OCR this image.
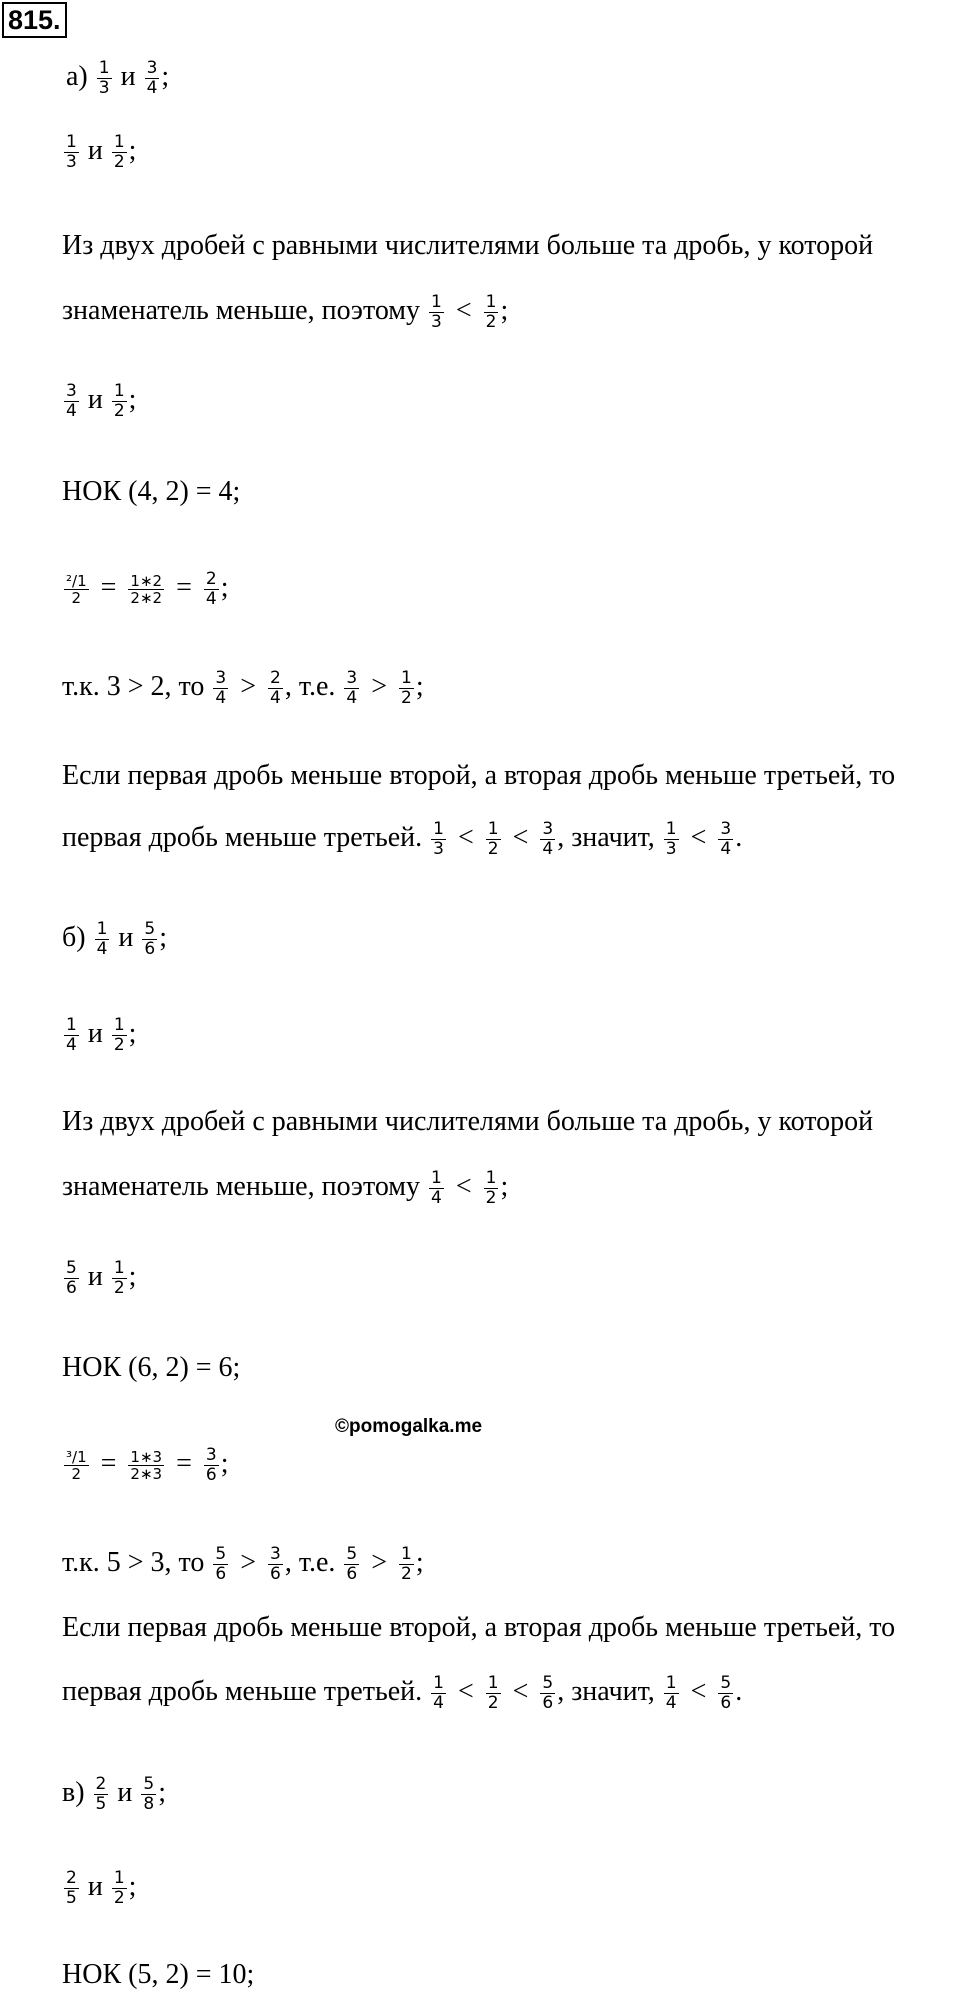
815.
©pomogalka.me
$а) \frac{1}{3}$ и $\frac{3}{4}$ ;
$\frac{1}{3}$ и $\frac{1}{2}$ ;
Из двух дробей с равными числителями больше та дробь, у которой
знаменатель меньше, поэтому $\frac{1}{3} < \frac{1}{2}$ ;
$\frac{3}{4}$ и $\frac{1}{2}$ ;
НОК (4, 2) = 4;
$\frac{\text{²/1}}{2} = \frac{1∗2}{2∗2} = \frac{2}{4}$ ;
т.к. 3 > 2, то $\frac{3}{4} > \frac{2}{4}$ , т.е. $\frac{3}{4} > \frac{1}{2}$ ;
Если первая дробь меньше второй, а вторая дробь меньше третьей, то
первая дробь меньше третьей. $\frac{1}{3} < \frac{1}{2} < \frac{3}{4}$ , значит, $\frac{1}{3} < \frac{3}{4}$ .
$б) \frac{1}{4}$ и $\frac{5}{6}$ ;
$\frac{1}{4}$ и $\frac{1}{2}$ ;
Из двух дробей с равными числителями больше та дробь, у которой
знаменатель меньше, поэтому $\frac{1}{4} < \frac{1}{2}$ ;
$\frac{5}{6}$ и $\frac{1}{2}$ ;
НОК (6, 2) = 6;
$\frac{\text{³/1}}{2} = \frac{1∗3}{2∗3} = \frac{3}{6}$ ;
т.к. 5 > 3, то $\frac{5}{6} > \frac{3}{6}$ , т.е. $\frac{5}{6} > \frac{1}{2}$ ;
Если первая дробь меньше второй, а вторая дробь меньше третьей, то
первая дробь меньше третьей. $\frac{1}{4} < \frac{1}{2} < \frac{5}{6}$ , значит, $\frac{1}{4} < \frac{5}{6}$ .
$в) \frac{2}{5}$ и $\frac{5}{8}$ ;
$\frac{2}{5}$ и $\frac{1}{2}$ ;
НОК (5, 2) = 10;
